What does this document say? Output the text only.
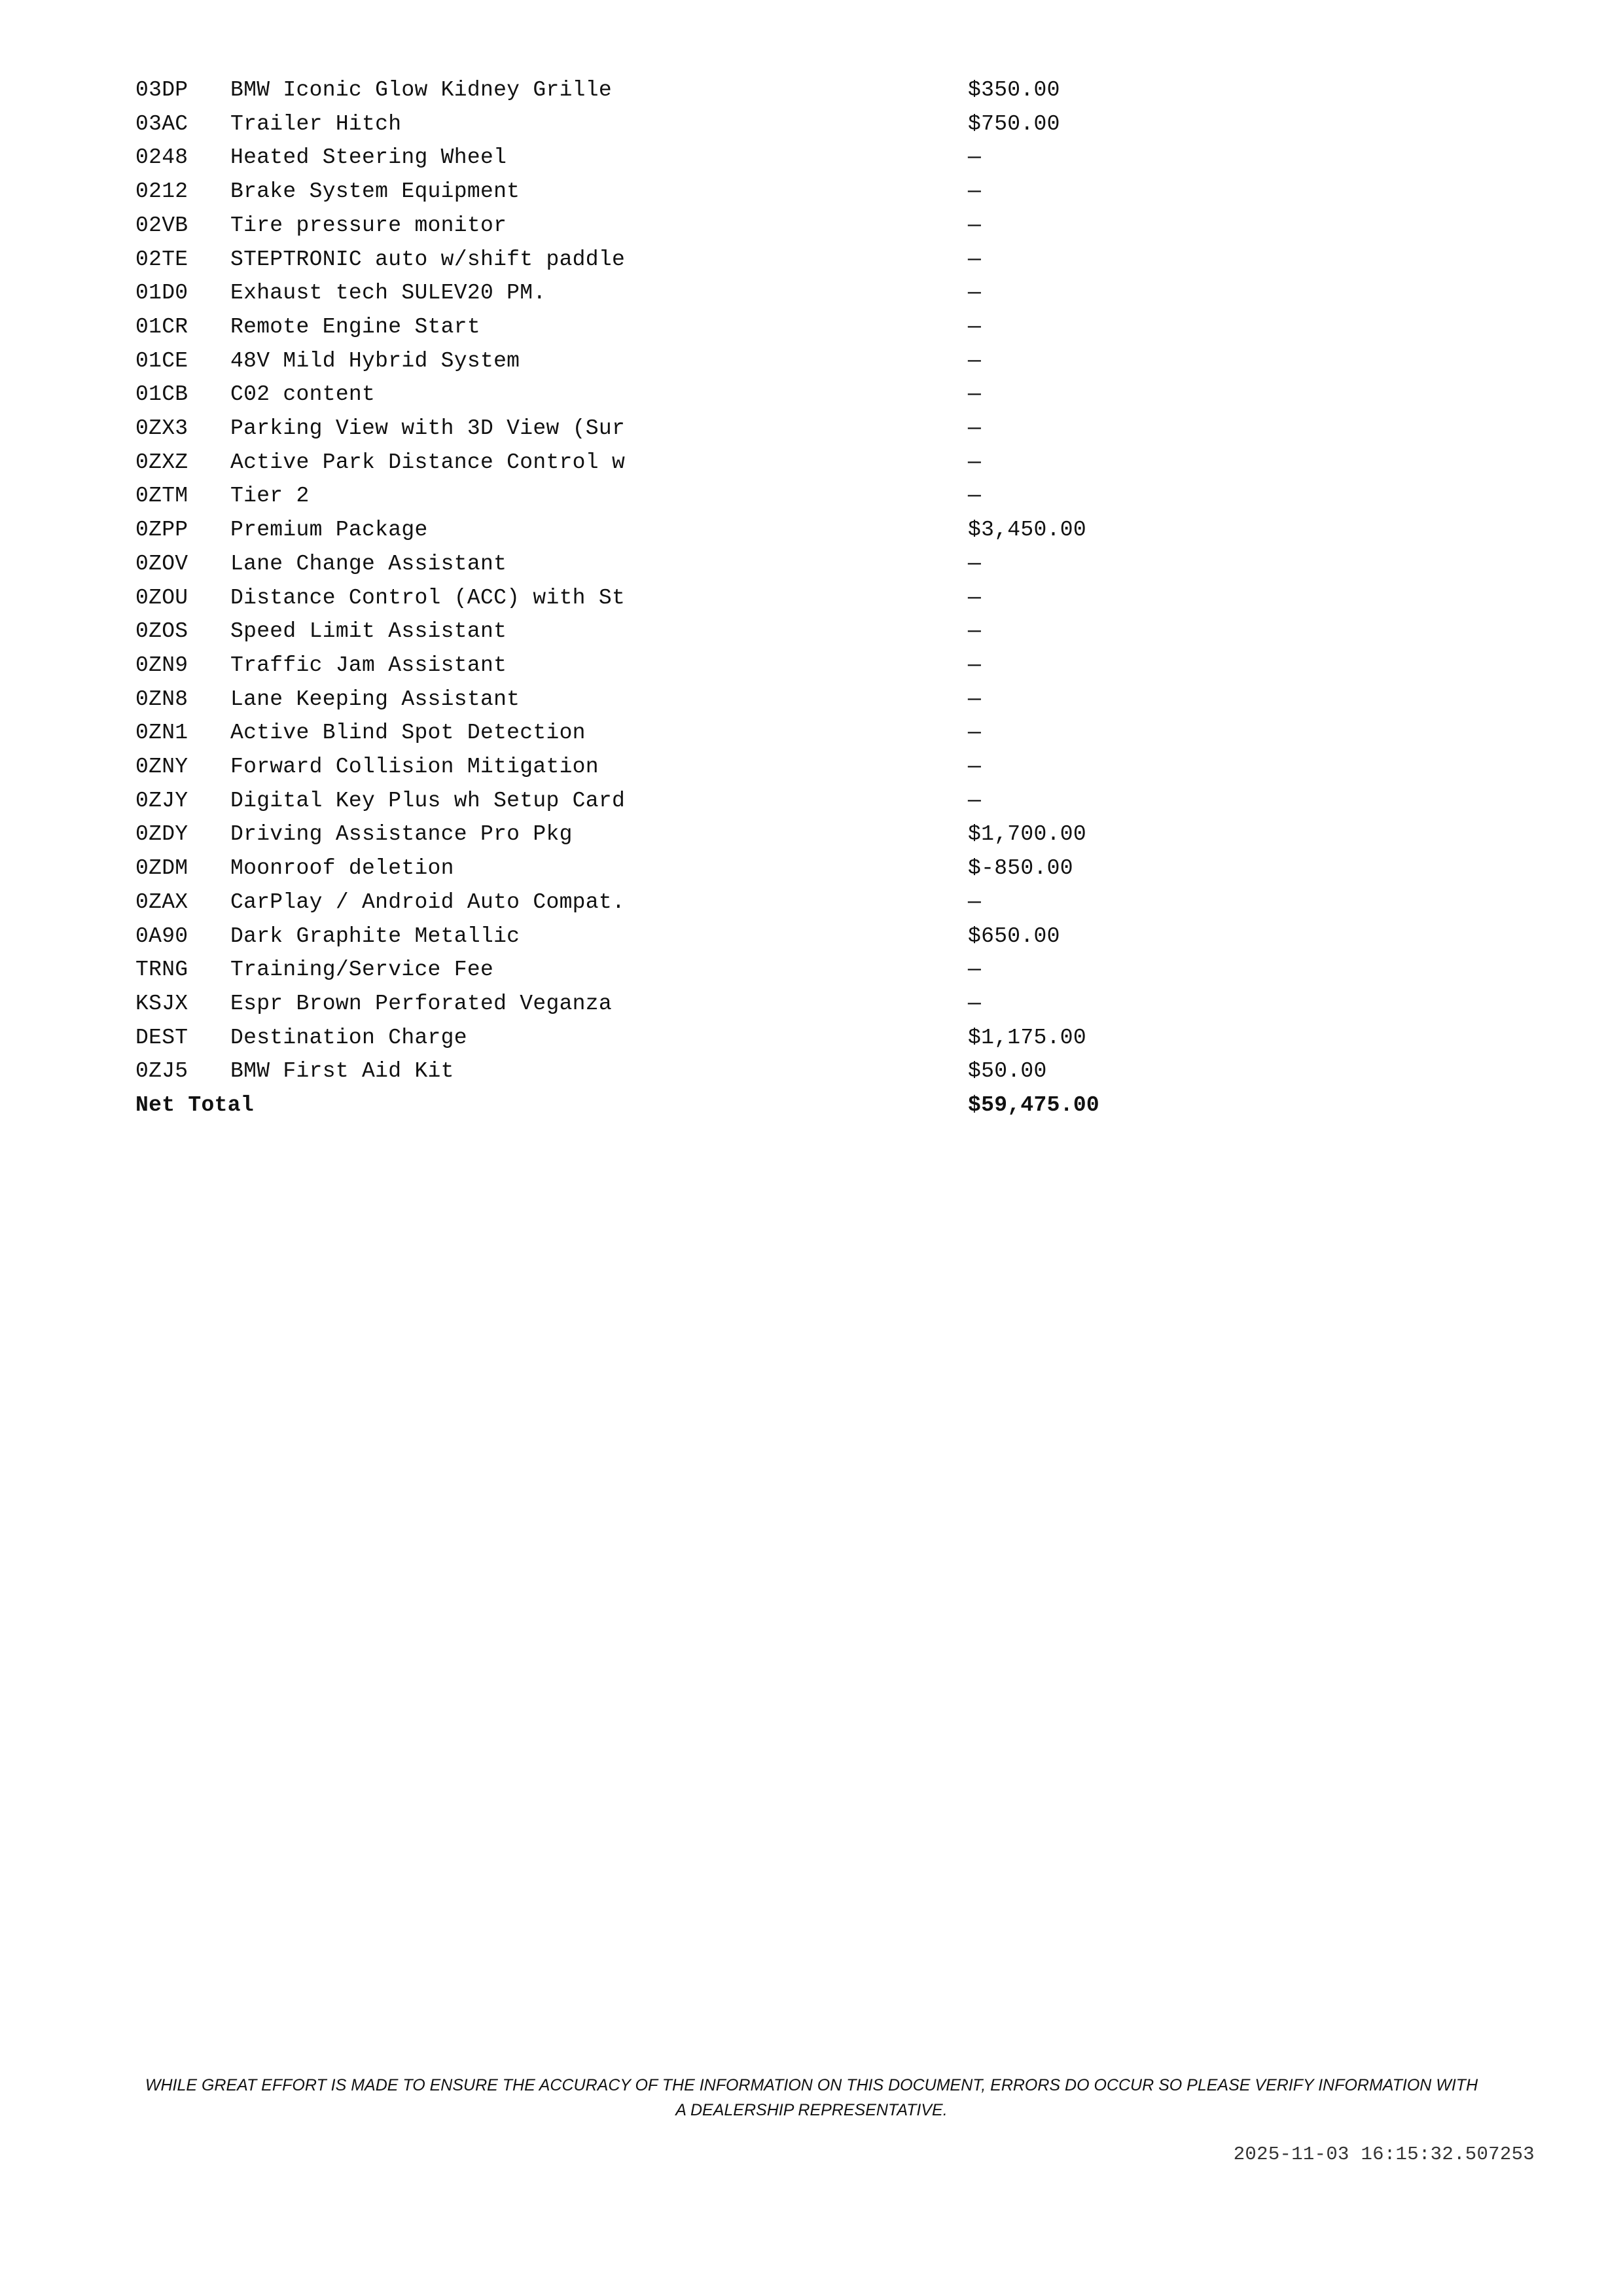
03DP	BMW Iconic Glow Kidney Grille	$350.00
03AC	Trailer Hitch	$750.00
0248	Heated Steering Wheel	—
0212	Brake System Equipment	—
02VB	Tire pressure monitor	—
02TE	STEPTRONIC auto w/shift paddle	—
01D0	Exhaust tech SULEV20 PM.	—
01CR	Remote Engine Start	—
01CE	48V Mild Hybrid System	—
01CB	C02 content	—
0ZX3	Parking View with 3D View (Sur	—
0ZXZ	Active Park Distance Control w	—
0ZTM	Tier 2	—
0ZPP	Premium Package	$3,450.00
0ZOV	Lane Change Assistant	—
0ZOU	Distance Control (ACC) with St	—
0ZOS	Speed Limit Assistant	—
0ZN9	Traffic Jam Assistant	—
0ZN8	Lane Keeping Assistant	—
0ZN1	Active Blind Spot Detection	—
0ZNY	Forward Collision Mitigation	—
0ZJY	Digital Key Plus wh Setup Card	—
0ZDY	Driving Assistance Pro Pkg	$1,700.00
0ZDM	Moonroof deletion	$-850.00
0ZAX	CarPlay / Android Auto Compat.	—
0A90	Dark Graphite Metallic	$650.00
TRNG	Training/Service Fee	—
KSJX	Espr Brown Perforated Veganza	—
DEST	Destination Charge	$1,175.00
0ZJ5	BMW First Aid Kit	$50.00
Net Total		$59,475.00
WHILE GREAT EFFORT IS MADE TO ENSURE THE ACCURACY OF THE INFORMATION ON THIS DOCUMENT, ERRORS DO OCCUR SO PLEASE VERIFY INFORMATION WITH A DEALERSHIP REPRESENTATIVE.
2025-11-03 16:15:32.507253
